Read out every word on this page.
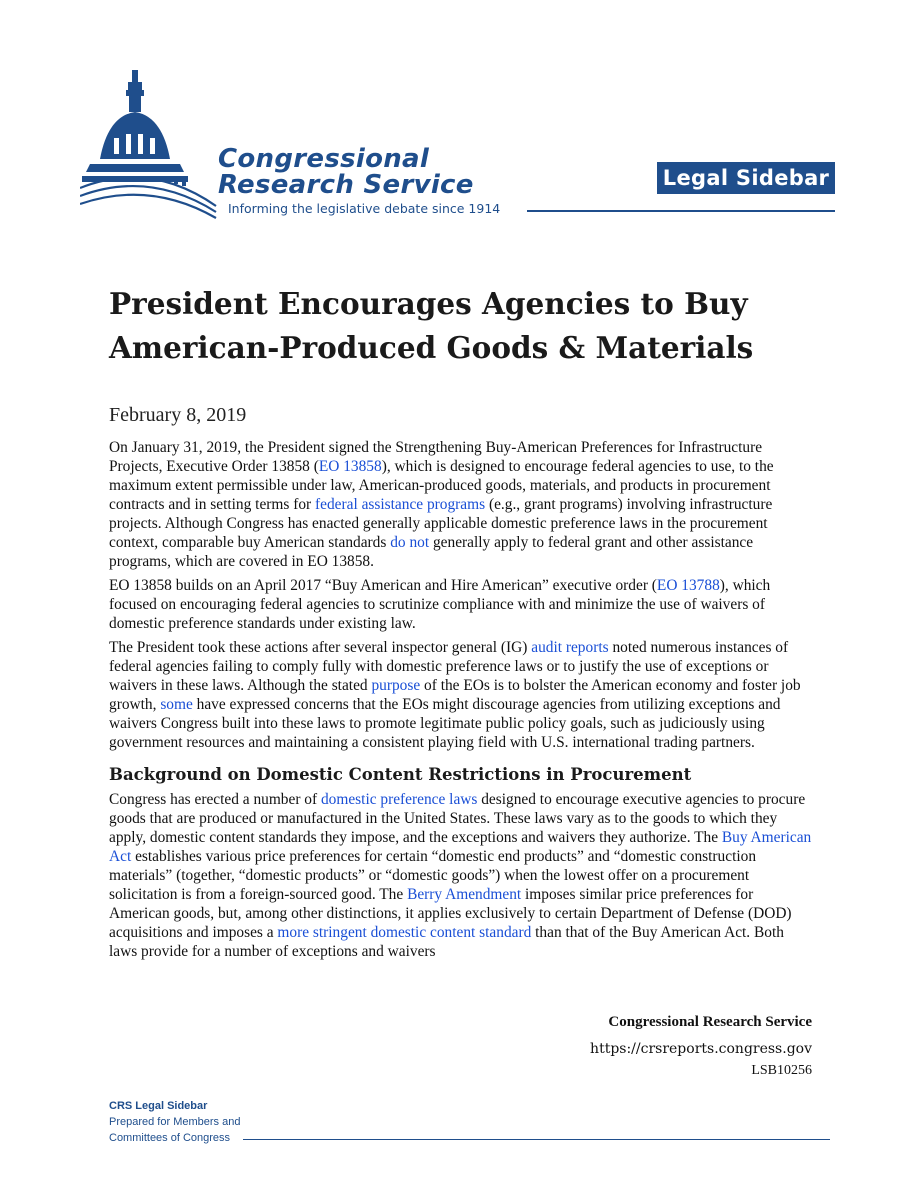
Congressional
Research Service
Informing the legislative debate since 1914
Legal Sidebar
President Encourages Agencies to Buy American-Produced Goods & Materials
February 8, 2019

On January 31, 2019, the President signed the Strengthening Buy-American Preferences for Infrastructure Projects, Executive Order 13858 (EO 13858), which is designed to encourage federal agencies to use, to the maximum extent permissible under law, American-produced goods, materials, and products in procurement contracts and in setting terms for federal assistance programs (e.g., grant programs) involving infrastructure projects. Although Congress has enacted generally applicable domestic preference laws in the procurement context, comparable buy American standards do not generally apply to federal grant and other assistance programs, which are covered in EO 13858.

EO 13858 builds on an April 2017 “Buy American and Hire American” executive order (EO 13788), which focused on encouraging federal agencies to scrutinize compliance with and minimize the use of waivers of domestic preference standards under existing law.

The President took these actions after several inspector general (IG) audit reports noted numerous instances of federal agencies failing to comply fully with domestic preference laws or to justify the use of exceptions or waivers in these laws. Although the stated purpose of the EOs is to bolster the American economy and foster job growth, some have expressed concerns that the EOs might discourage agencies from utilizing exceptions and waivers Congress built into these laws to promote legitimate public policy goals, such as judiciously using government resources and maintaining a consistent playing field with U.S. international trading partners.

Background on Domestic Content Restrictions in Procurement

Congress has erected a number of domestic preference laws designed to encourage executive agencies to procure goods that are produced or manufactured in the United States. These laws vary as to the goods to which they apply, domestic content standards they impose, and the exceptions and waivers they authorize. The Buy American Act establishes various price preferences for certain “domestic end products” and “domestic construction materials” (together, “domestic products” or “domestic goods”) when the lowest offer on a procurement solicitation is from a foreign-sourced good. The Berry Amendment imposes similar price preferences for American goods, but, among other distinctions, it applies exclusively to certain Department of Defense (DOD) acquisitions and imposes a more stringent domestic content standard than that of the Buy American Act. Both laws provide for a number of exceptions and waivers

Congressional Research Service
https://crsreports.congress.gov
LSB10256
CRS Legal Sidebar
Prepared for Members and
Committees of Congress
